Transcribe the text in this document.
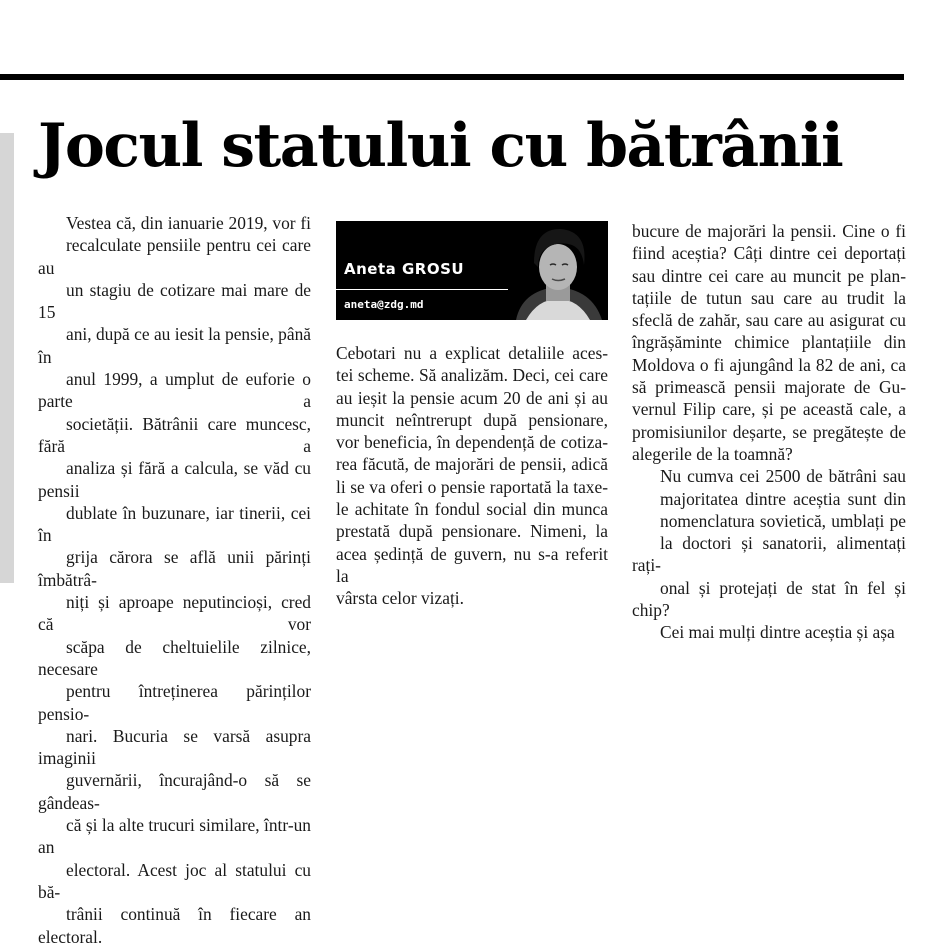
Jocul statului cu bătrânii

Vestea că, din ianuarie 2019, vor fi
recalculate pensiile pentru cei care au
un stagiu de cotizare mai mare de 15
ani, după ce au iesit la pensie, până în
anul 1999, a umplut de euforie o parte a
societății. Bătrânii care muncesc, fără a
analiza și fără a calcula, se văd cu pensii
dublate în buzunare, iar tinerii, cei în
grija cărora se află unii părinți îmbătrâ-
niți și aproape neputincioși, cred că vor
scăpa de cheltuielile zilnice, necesare
pentru întreținerea părinților pensio-
nari. Bucuria se varsă asupra imaginii
guvernării, încurajând-o să se gândeas-
că și la alte trucuri similare, într-un an
electoral. Acest joc al statului cu bă-
trânii continuă în fiecare an electoral.

Aneta GROSU
aneta@zdg.md

Cebotari nu a explicat detaliile aces-
tei scheme. Să analizăm. Deci, cei care
au ieșit la pensie acum 20 de ani și au
muncit neîntrerupt după pensionare,
vor beneficia, în dependență de cotiza-
rea făcută, de majorări de pensii, adică
li se va oferi o pensie raportată la taxe-
le achitate în fondul social din munca
prestată după pensionare. Nimeni, la
acea ședință de guvern, nu s-a referit la
vârsta celor vizați.

bucure de majorări la pensii. Cine o fi
fiind aceștia? Câți dintre cei deportați
sau dintre cei care au muncit pe plan-
tațiile de tutun sau care au trudit la
sfeclă de zahăr, sau care au asigurat cu
îngrășăminte chimice plantațiile din
Moldova o fi ajungând la 82 de ani, ca
să primească pensii majorate de Gu-
vernul Filip care, și pe această cale, a
promisiunilor deșarte, se pregătește de
alegerile de la toamnă?

Nu cumva cei 2500 de bătrâni sau
majoritatea dintre aceștia sunt din
nomenclatura sovietică, umblați pe
la doctori și sanatorii, alimentați rați-
onal și protejați de stat în fel și chip?
Cei mai mulți dintre aceștia și așa
